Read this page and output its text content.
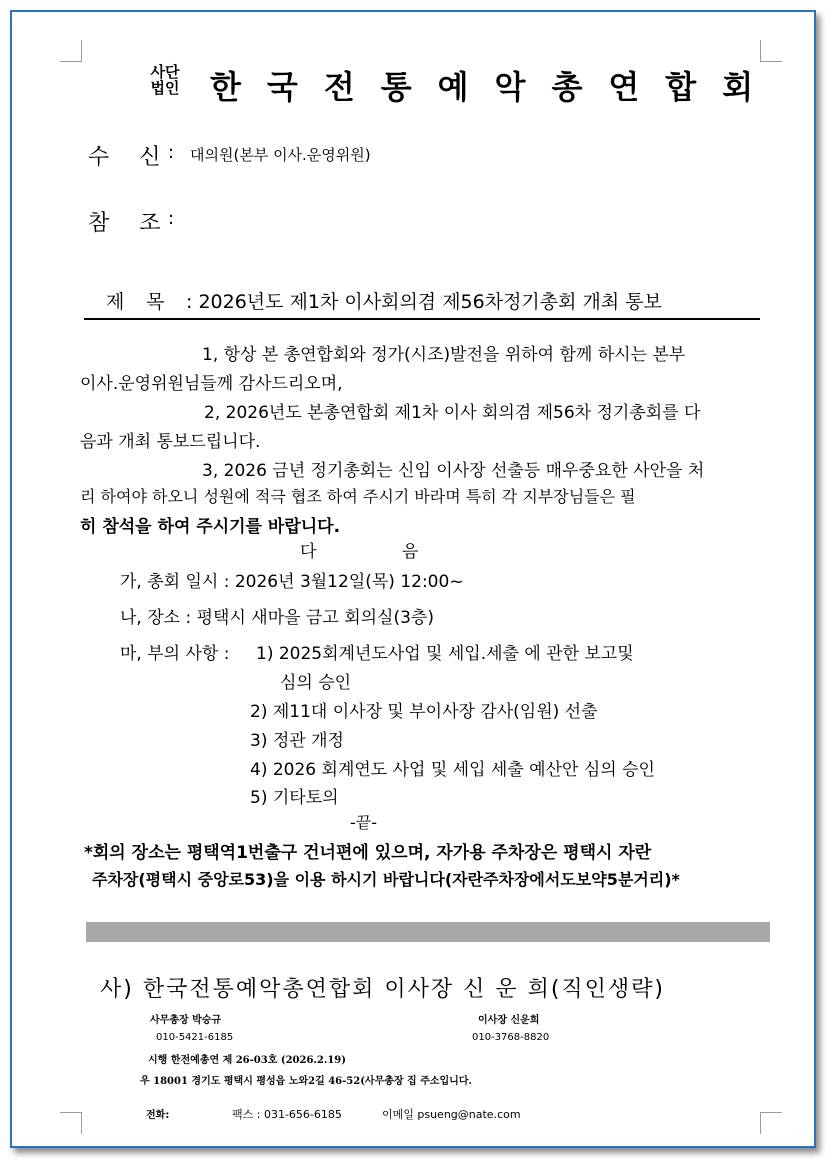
사단
법인 한국전통예악총연합회
수 신 : 대의원(본부 이사.운영위원)
참 조 :
제 목 : 2026년도 제1차 이사회의겸 제56차정기총회 개최 통보
1, 항상 본 총연합회와 정가(시조)발전을 위하여 함께 하시는 본부
이사.운영위원님들께 감사드리오며,
2, 2026년도 본총연합회 제1차 이사 회의겸 제56차 정기총회를 다
음과 개최 통보드립니다.
3, 2026 금년 정기총회는 신임 이사장 선출등 매우중요한 사안을 처
리 하여야 하오니 성원에 적극 협조 하여 주시기 바라며 특히 각 지부장님들은 필
히 참석을 하여 주시기를 바랍니다.
다	음
가, 총회 일시 : 2026년 3월12일(목) 12:00~
나, 장소 : 평택시 새마을 금고 회의실(3층)
마, 부의 사항 : 1) 2025회계년도사업 및 세입.세출 에 관한 보고및
심의 승인
2) 제11대 이사장 및 부이사장 감사(임원) 선출
3) 정관 개정
4) 2026 회계연도 사업 및 세입 세출 예산안 심의 승인
5) 기타토의
-끝-
*회의 장소는 평택역1번출구 건너편에 있으며, 자가용 주차장은 평택시 자란
주차장(평택시 중앙로53)을 이용 하시기 바랍니다(자란주차장에서도보약5분거리)*
사) 한국전통예악총연합회 이사장 신 운 희(직인생략)
사무총장 박승규
010-5421-6185
이사장 신운희
010-3768-8820
시행 한전예총연 제 26-03호 (2026.2.19)
우 18001 경기도 평택시 평성읍 노와2길 46-52(사무총장 집 주소입니다.
전화:	팩스 : 031-656-6185	이메일 psueng@nate.com
